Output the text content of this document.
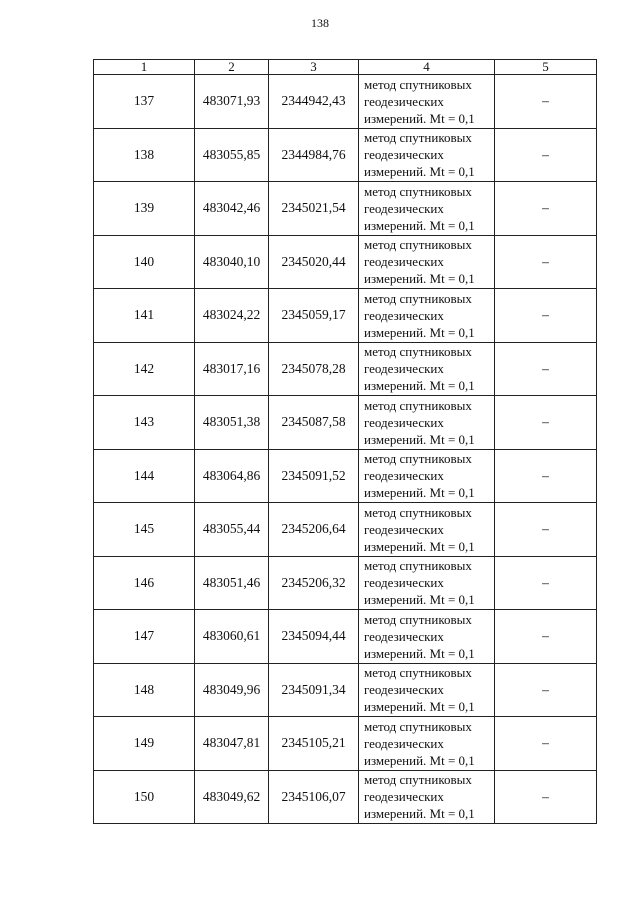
138
1	2	3	4	5
137	483071,93	2344942,43	метод спутниковых
геодезических
измерений. Mt = 0,1	–
138	483055,85	2344984,76	метод спутниковых
геодезических
измерений. Mt = 0,1	–
139	483042,46	2345021,54	метод спутниковых
геодезических
измерений. Mt = 0,1	–
140	483040,10	2345020,44	метод спутниковых
геодезических
измерений. Mt = 0,1	–
141	483024,22	2345059,17	метод спутниковых
геодезических
измерений. Mt = 0,1	–
142	483017,16	2345078,28	метод спутниковых
геодезических
измерений. Mt = 0,1	–
143	483051,38	2345087,58	метод спутниковых
геодезических
измерений. Mt = 0,1	–
144	483064,86	2345091,52	метод спутниковых
геодезических
измерений. Mt = 0,1	–
145	483055,44	2345206,64	метод спутниковых
геодезических
измерений. Mt = 0,1	–
146	483051,46	2345206,32	метод спутниковых
геодезических
измерений. Mt = 0,1	–
147	483060,61	2345094,44	метод спутниковых
геодезических
измерений. Mt = 0,1	–
148	483049,96	2345091,34	метод спутниковых
геодезических
измерений. Mt = 0,1	–
149	483047,81	2345105,21	метод спутниковых
геодезических
измерений. Mt = 0,1	–
150	483049,62	2345106,07	метод спутниковых
геодезических
измерений. Mt = 0,1	–
